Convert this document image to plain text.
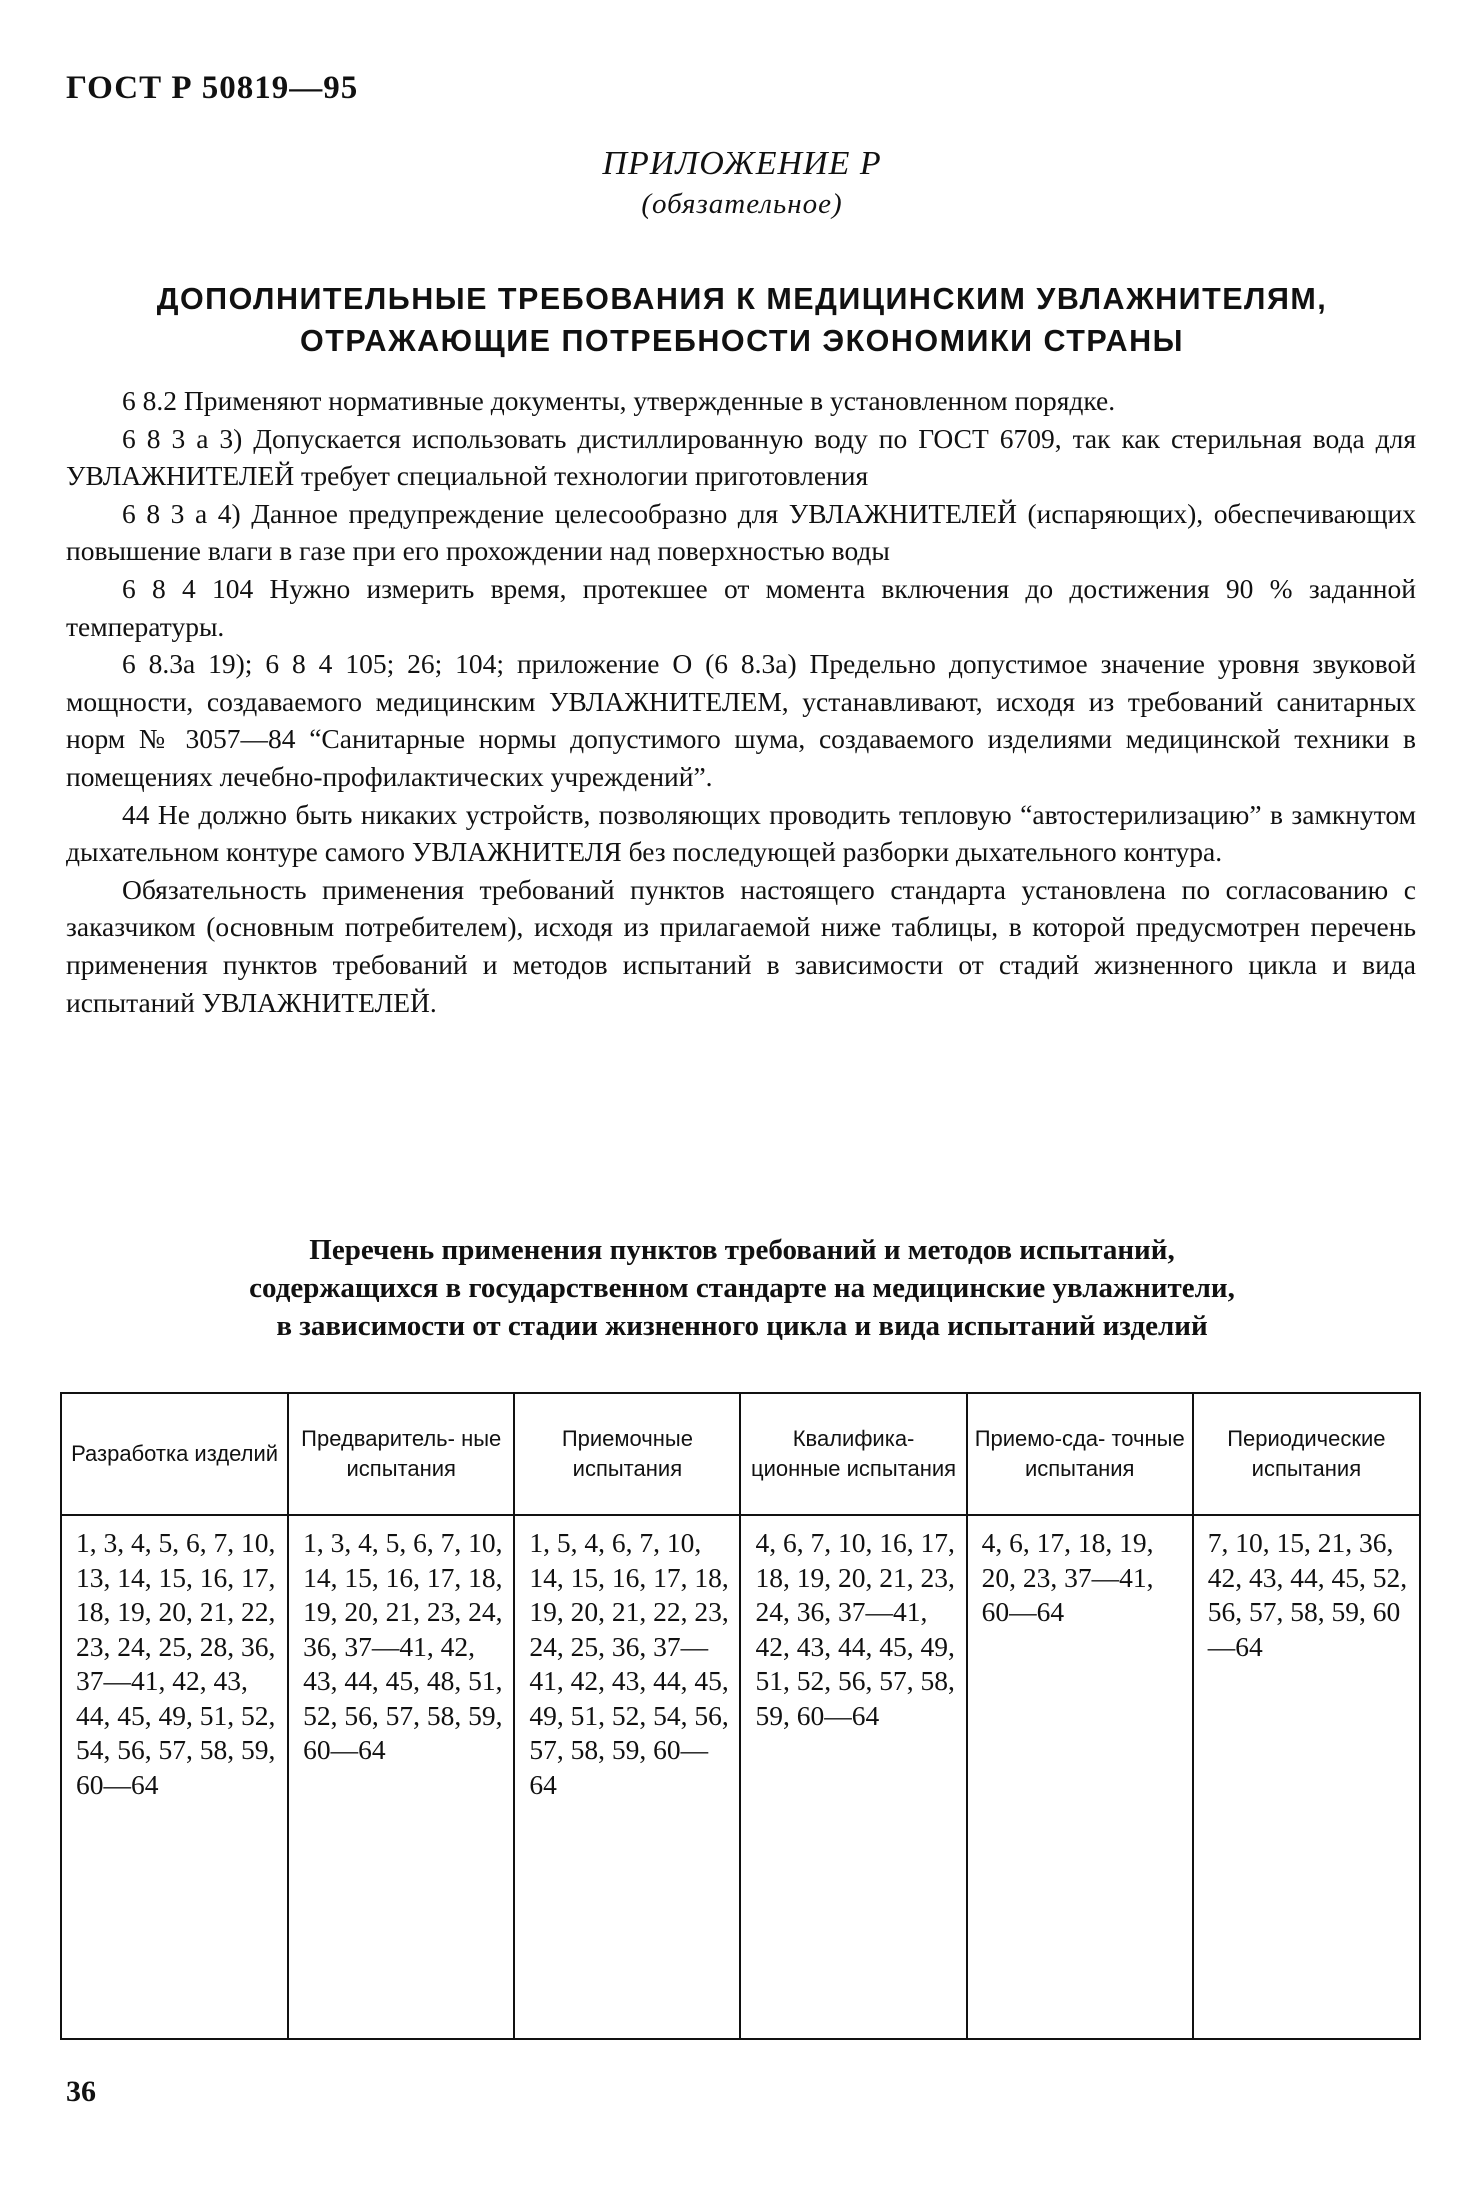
ГОСТ Р 50819—95
ПРИЛОЖЕНИЕ Р
(обязательное)
ДОПОЛНИТЕЛЬНЫЕ ТРЕБОВАНИЯ К МЕДИЦИНСКИМ УВЛАЖНИТЕЛЯМ,
ОТРАЖАЮЩИЕ ПОТРЕБНОСТИ ЭКОНОМИКИ СТРАНЫ

6 8.2 Применяют нормативные документы, утвержденные в установленном порядке.

6 8 3 а 3) Допускается использовать дистиллированную воду по ГОСТ 6709, так как стерильная вода для УВЛАЖНИТЕЛЕЙ требует специальной технологии приготовления

6 8 3 а 4) Данное предупреждение целесообразно для УВЛАЖНИТЕЛЕЙ (испаряющих), обеспечивающих повышение влаги в газе при его прохождении над поверхностью воды

6 8 4 104 Нужно измерить время, протекшее от момента включения до достижения 90 % заданной температуры.

6 8.3а 19); 6 8 4 105; 26; 104; приложение О (6 8.3а) Предельно допустимое значение уровня звуковой мощности, создаваемого медицинским УВЛАЖНИТЕЛЕМ, устанавливают, исходя из требований санитарных норм № 3057—84 “Санитарные нормы допустимого шума, создаваемого изделиями медицинской техники в помещениях лечебно-профилактических учреждений”.

44 Не должно быть никаких устройств, позволяющих проводить тепловую “автостерилизацию” в замкнутом дыхательном контуре самого УВЛАЖНИТЕЛЯ без последующей разборки дыхательного контура.

Обязательность применения требований пунктов настоящего стандарта установлена по согласованию с заказчиком (основным потребителем), исходя из прилагаемой ниже таблицы, в которой предусмотрен перечень применения пунктов требований и методов испытаний в зависимости от стадий жизненного цикла и вида испытаний УВЛАЖНИТЕЛЕЙ.

Перечень применения пунктов требований и методов испытаний,
содержащихся в государственном стандарте на медицинские увлажнители,
в зависимости от стадии жизненного цикла и вида испытаний изделий
Разработка изделий	Предваритель- ные испытания	Приемочные испытания	Квалифика- ционные испытания	Приемо-сда- точные испытания	Периодические испытания

1, 3, 4, 5, 6, 7, 10, 13, 14, 15, 16, 17, 18, 19, 20, 21, 22, 23, 24, 25, 28, 36, 37—41, 42, 43, 44, 45, 49, 51, 52, 54, 56, 57, 58, 59, 60—64	1, 3, 4, 5, 6, 7, 10, 14, 15, 16, 17, 18, 19, 20, 21, 23, 24, 36, 37—41, 42, 43, 44, 45, 48, 51, 52, 56, 57, 58, 59, 60—64	1, 5, 4, 6, 7, 10, 14, 15, 16, 17, 18, 19, 20, 21, 22, 23, 24, 25, 36, 37—41, 42, 43, 44, 45, 49, 51, 52, 54, 56, 57, 58, 59, 60—64	4, 6, 7, 10, 16, 17, 18, 19, 20, 21, 23, 24, 36, 37—41, 42, 43, 44, 45, 49, 51, 52, 56, 57, 58, 59, 60—64	4, 6, 17, 18, 19, 20, 23, 37—41, 60—64	7, 10, 15, 21, 36, 42, 43, 44, 45, 52, 56, 57, 58, 59, 60—64
36
